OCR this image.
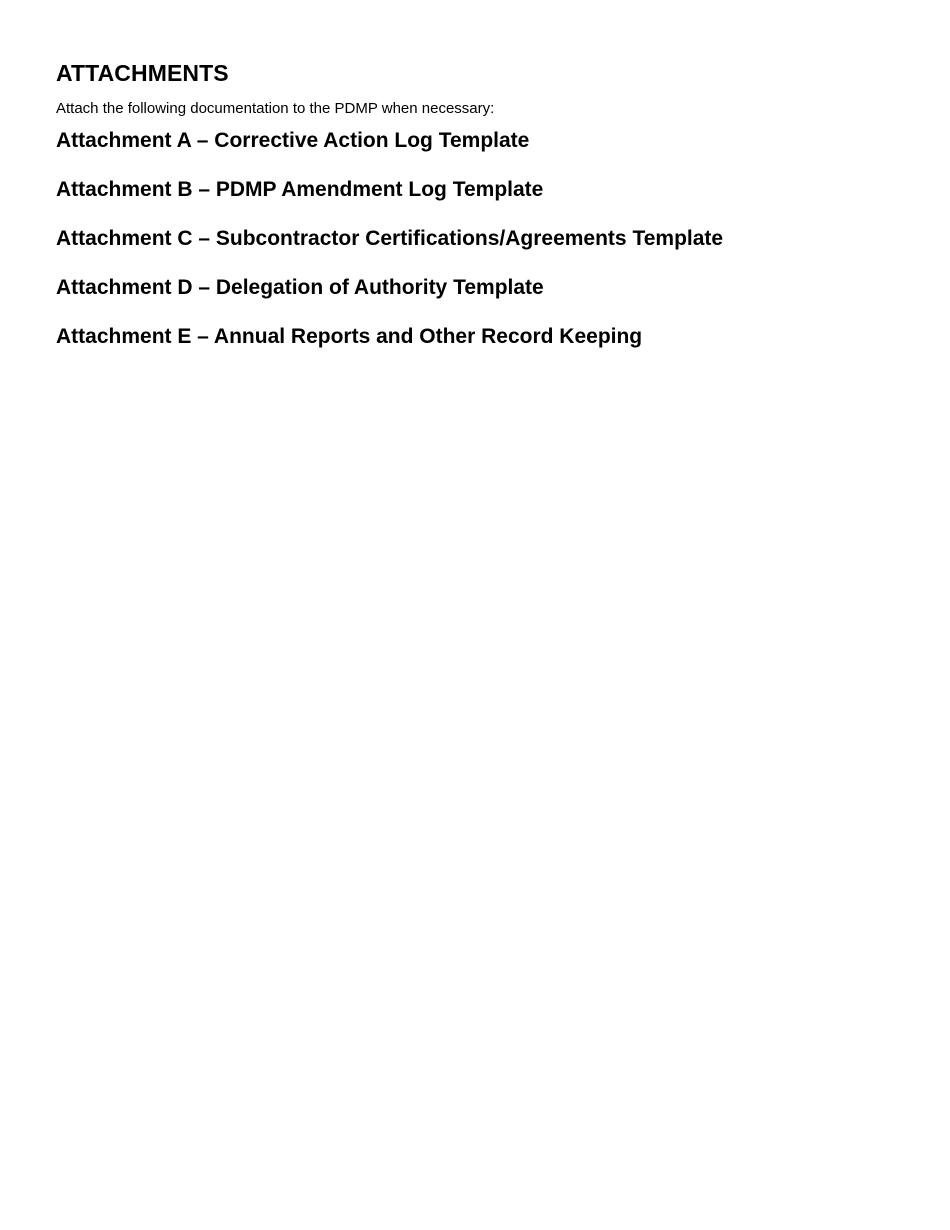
ATTACHMENTS

Attach the following documentation to the PDMP when necessary:

Attachment A – Corrective Action Log Template
Attachment B – PDMP Amendment Log Template
Attachment C – Subcontractor Certifications/Agreements Template
Attachment D – Delegation of Authority Template
Attachment E – Annual Reports and Other Record Keeping
